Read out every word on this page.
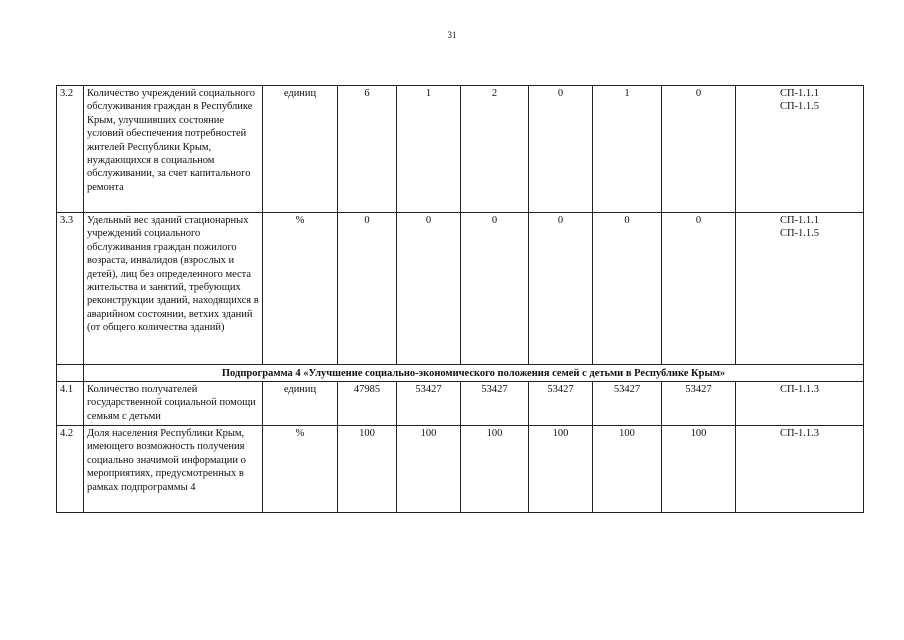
31
3.2	Количество учреждений социального обслуживания граждан в Республике Крым, улучшивших состояние условий обеспечения потребностей жителей Республики Крым, нуждающихся в социальном обслуживании, за счет капитального ремонта	единиц	6	1	2	0	1	0	СП-1.1.1
СП-1.1.5

3.3	Удельный вес зданий стационарных учреждений социального обслуживания граждан пожилого возраста, инвалидов (взрослых и детей), лиц без определенного места жительства и занятий, требующих реконструкции зданий, находящихся в аварийном состоянии, ветхих зданий (от общего количества зданий)	%	0	0	0	0	0	0	СП-1.1.1
СП-1.1.5

	Подпрограмма 4 «Улучшение социально-экономического положения семей с детьми в Республике Крым»								
4.1	Количество получателей государственной социальной помощи семьям с детьми	единиц	47985	53427	53427	53427	53427	53427	СП-1.1.3

4.2	Доля населения Республики Крым, имеющего возможность получения социально значимой информации о мероприятиях, предусмотренных в рамках подпрограммы 4	%	100	100	100	100	100	100	СП-1.1.3
